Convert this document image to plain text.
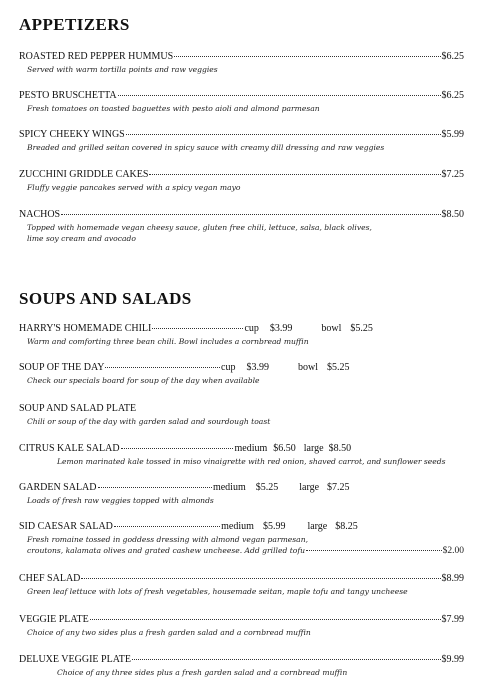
APPETIZERS
ROASTED RED PEPPER HUMMUS	$6.25
Served with warm tortilla points and raw veggies
PESTO BRUSCHETTA	$6.25
Fresh tomatoes on toasted baguettes with pesto aioli and almond parmesan
SPICY CHEEKY WINGS	$5.99
Breaded and grilled seitan covered in spicy sauce with creamy dill dressing and raw veggies
ZUCCHINI GRIDDLE CAKES	$7.25
Fluffy veggie pancakes served with a spicy vegan mayo
NACHOS	$8.50
Topped with homemade vegan cheesy sauce, gluten free chili, lettuce, salsa, black olives,
lime soy cream and avocado
SOUPS AND SALADS
HARRY'S HOMEMADE CHILI	cup $3.99	bowl $5.25
Warm and comforting three bean chili. Bowl includes a cornbread muffin
SOUP OF THE DAY	cup $3.99	bowl $5.25
Check our specials board for soup of the day when available
SOUP AND SALAD PLATE
Chili or soup of the day with garden salad and sourdough toast
CITRUS KALE SALAD	medium $6.50 large $8.50
Lemon marinated kale tossed in miso vinaigrette with red onion, shaved carrot, and sunflower seeds
GARDEN SALAD	medium $5.25 large $7.25
Loads of fresh raw veggies topped with almonds
SID CAESAR SALAD	medium $5.99 large $8.25
Fresh romaine tossed in goddess dressing with almond vegan parmesan,
croutons, kalamata olives and grated cashew uncheese. Add grilled tofu	$2.00
CHEF SALAD	$8.99
Green leaf lettuce with lots of fresh vegetables, housemade seitan, maple tofu and tangy uncheese
VEGGIE PLATE	$7.99
Choice of any two sides plus a fresh garden salad and a cornbread muffin
DELUXE VEGGIE PLATE	$9.99
Choice of any three sides plus a fresh garden salad and a cornbread muffin
